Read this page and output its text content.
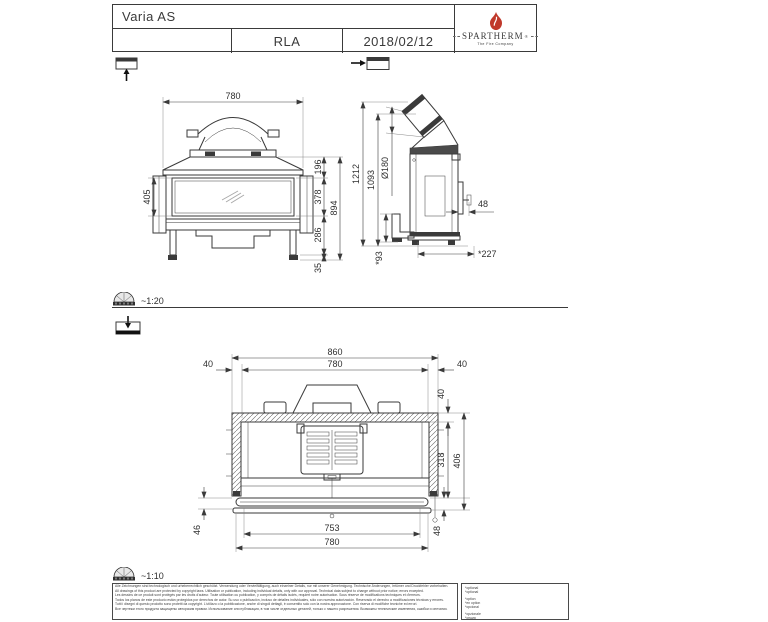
Varia AS
RLA	2018/02/12	SPARTHERM ®
The Fire Company
780
405
196
378
286
35
894
1212 1093
Ø180
48
*93	*227
~1:20
860
780
40	40
753
780
46	48
40
318 406
~1:10
Alle Zeichnungen sind technologisch und urheberrechtlich geschützt. Verwendung oder Vervielfältigung, auch einzelner Details, nur mit unserer Genehmigung. Technische Änderungen, Irrtümer und Druckfehler vorbehalten.
All drawings of this product are protected by copyright laws. Utilisation or publication, including individual details, only with our approval. Technical data subject to change without prior notice; errors excepted.
Les dessins de ce produit sont protégés par les droits d'auteur. Toute utilisation ou publication, y compris de détails isolés, requiert notre autorisation. Sous réserve de modifications techniques et d'erreurs.
Todos los planos de este producto están protegidos por derechos de autor. Su uso o publicación, incluso de detalles individuales, sólo con nuestra autorización. Reservado el derecho a modificaciones técnicas y errores.
Tutti i disegni di questo prodotto sono protetti da copyright. L'utilizzo o la pubblicazione, anche di singoli dettagli, è consentito solo con la nostra approvazione. Con riserva di modifiche tecniche ed errori.
Все чертежи этого продукта защищены авторским правом. Использование или публикация, в том числе отдельных деталей, только с нашего разрешения. Возможны технические изменения, ошибки и опечатки.
*optional
*optional
*option
*en option
*opcional
*opzionale
*опция
